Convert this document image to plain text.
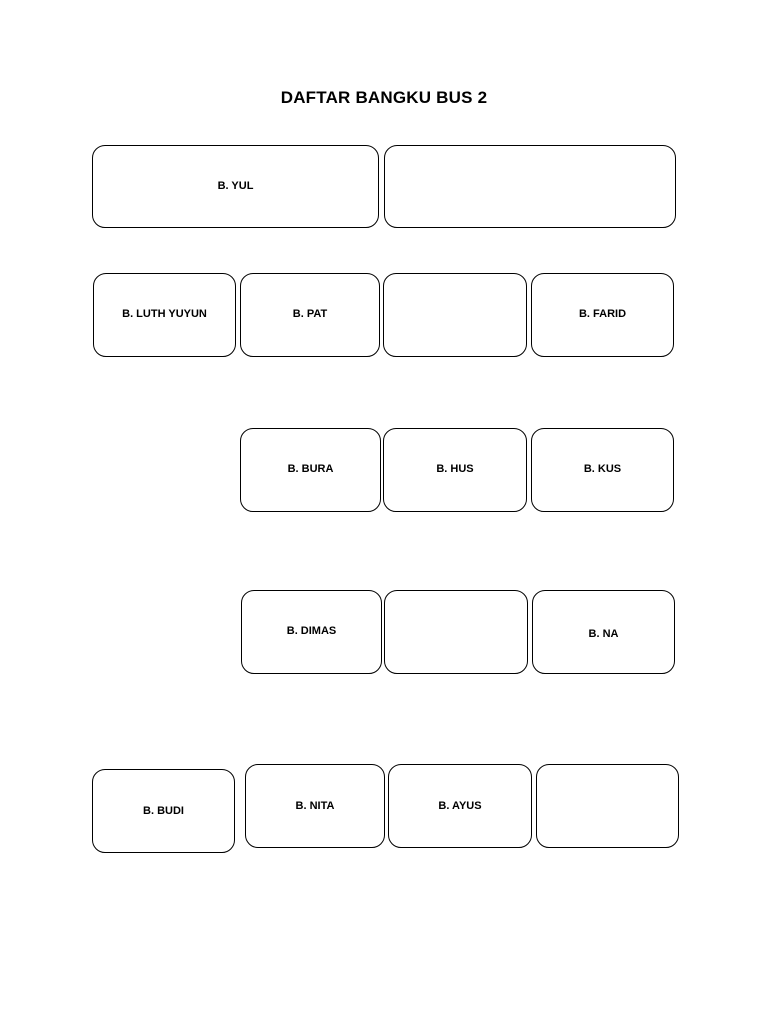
DAFTAR BANGKU BUS 2
B. YUL
B. LUTH YUYUN	B. PAT	B. FARID
B. BURA	B. HUS	B. KUS
B. DIMAS	B. NA
B. BUDI	B. NITA	B. AYUS
